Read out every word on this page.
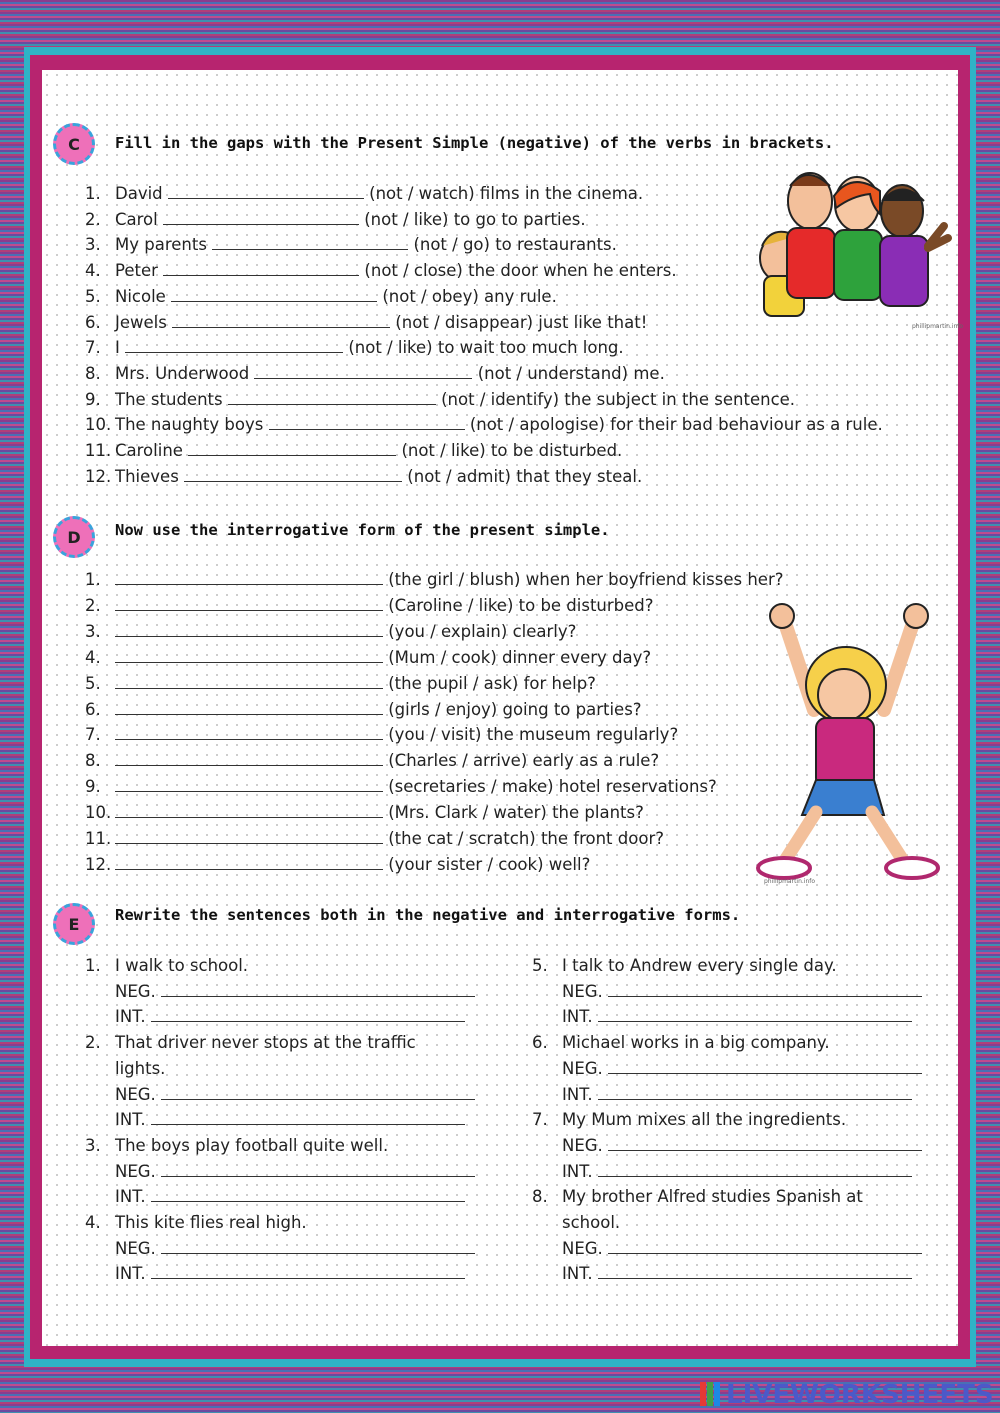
C	Fill in the gaps with the Present Simple (negative) of the verbs in brackets.
1. David	(not / watch) films in the cinema.
2. Carol	(not / like) to go to parties.
3. My parents	(not / go) to restaurants.
4. Peter	(not / close) the door when he enters.
5. Nicole	(not / obey) any rule.
6. Jewels	(not / disappear) just like that!
7. I	(not / like) to wait too much long.
8. Mrs. Underwood	(not / understand) me.
9. The students	(not / identify) the subject in the sentence.
10. The naughty boys	(not / apologise) for their bad behaviour as a rule.
11. Caroline	(not / like) to be disturbed.
12. Thieves	(not / admit) that they steal.
phillipmartin.info
D	Now use the interrogative form of the present simple.
1.	(the girl / blush) when her boyfriend kisses her?
2.	(Caroline / like) to be disturbed?
3.	(you / explain) clearly?
4.	(Mum / cook) dinner every day?
5.	(the pupil / ask) for help?
6.	(girls / enjoy) going to parties?
7.	(you / visit) the museum regularly?
8.	(Charles / arrive) early as a rule?
9.	(secretaries / make) hotel reservations?
10.	(Mrs. Clark / water) the plants?
11.	(the cat / scratch) the front door?
12.	(your sister / cook) well?
phillipmartin.info
E	Rewrite the sentences both in the negative and interrogative forms.
1. I walk to school.
NEG.
INT.
2. That driver never stops at the traffic
lights.
NEG.
INT.
3. The boys play football quite well.
NEG.
INT.
4. This kite flies real high.
NEG.
INT.
5. I talk to Andrew every single day.
NEG.
INT.
6. Michael works in a big company.
NEG.
INT.
7. My Mum mixes all the ingredients.
NEG.
INT.
8. My brother Alfred studies Spanish at
school.
NEG.
INT.
LIVEWORKSHEETS
